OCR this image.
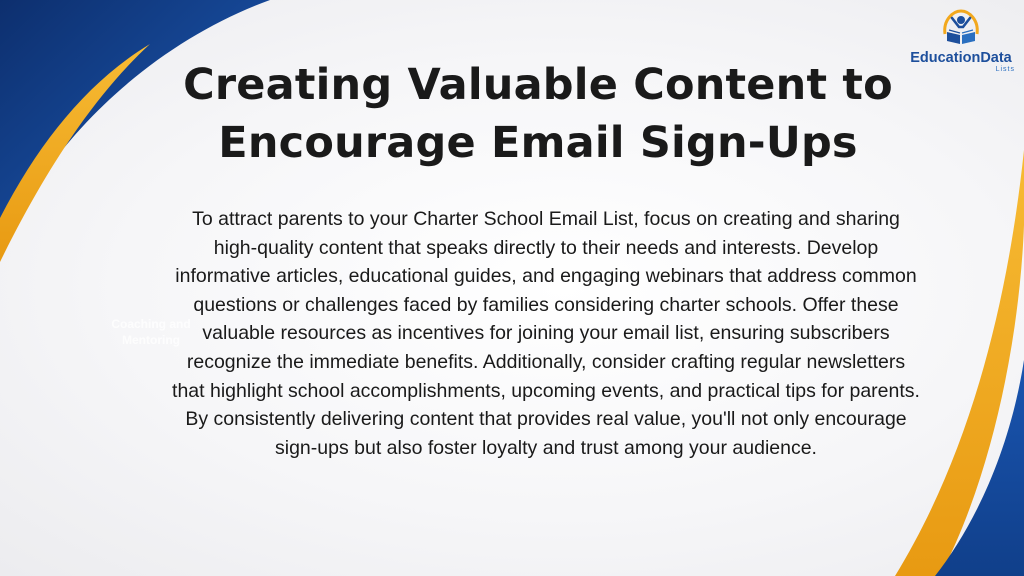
Creating Valuable Content to Encourage Email Sign-Ups

To attract parents to your Charter School Email List, focus on creating and sharing high-quality content that speaks directly to their needs and interests. Develop informative articles, educational guides, and engaging webinars that address common questions or challenges faced by families considering charter schools. Offer these valuable resources as incentives for joining your email list, ensuring subscribers recognize the immediate benefits. Additionally, consider crafting regular newsletters that highlight school accomplishments, upcoming events, and practical tips for parents. By consistently delivering content that provides real value, you'll not only encourage sign-ups but also foster loyalty and trust among your audience.

Coaching and Mentoring
EducationData
Lists
